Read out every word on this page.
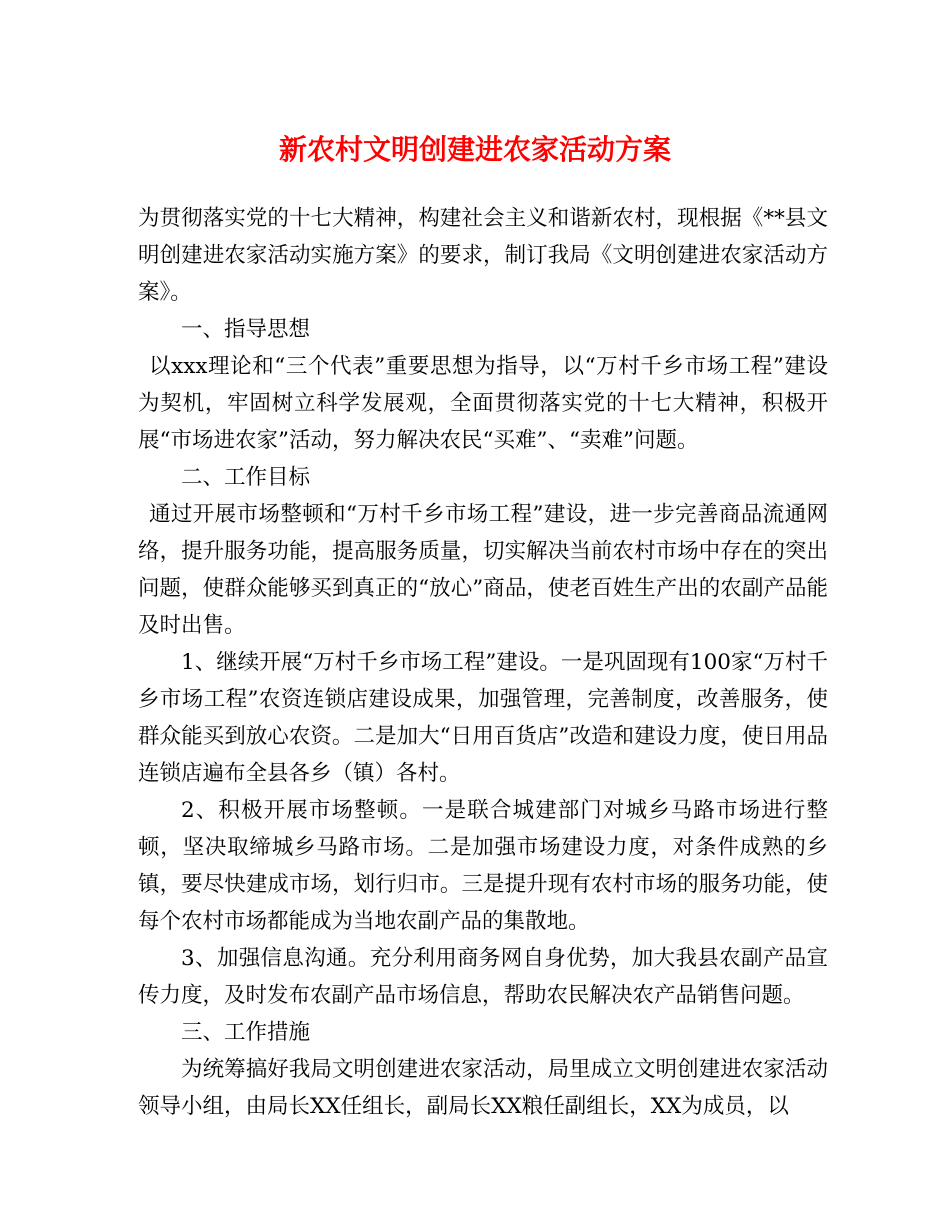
新农村文明创建进农家活动方案

为贯彻落实党的十七大精神，构建社会主义和谐新农村，现根据《**县文明创建进农家活动实施方案》的要求，制订我局《文明创建进农家活动方案》。

一、指导思想

以xxx理论和“三个代表”重要思想为指导，以“万村千乡市场工程”建设为契机，牢固树立科学发展观，全面贯彻落实党的十七大精神，积极开展“市场进农家”活动，努力解决农民“买难”、“卖难”问题。

二、工作目标

通过开展市场整顿和“万村千乡市场工程”建设，进一步完善商品流通网络，提升服务功能，提高服务质量，切实解决当前农村市场中存在的突出问题，使群众能够买到真正的“放心”商品，使老百姓生产出的农副产品能及时出售。

1、继续开展“万村千乡市场工程”建设。一是巩固现有100家“万村千乡市场工程”农资连锁店建设成果，加强管理，完善制度，改善服务，使群众能买到放心农资。二是加大“日用百货店”改造和建设力度，使日用品连锁店遍布全县各乡（镇）各村。

2、积极开展市场整顿。一是联合城建部门对城乡马路市场进行整顿，坚决取缔城乡马路市场。二是加强市场建设力度，对条件成熟的乡镇，要尽快建成市场，划行归市。三是提升现有农村市场的服务功能，使每个农村市场都能成为当地农副产品的集散地。

3、加强信息沟通。充分利用商务网自身优势，加大我县农副产品宣传力度，及时发布农副产品市场信息，帮助农民解决农产品销售问题。

三、工作措施

为统筹搞好我局文明创建进农家活动，局里成立文明创建进农家活动领导小组，由局长XX任组长，副局长XX粮任副组长，XX为成员，以
